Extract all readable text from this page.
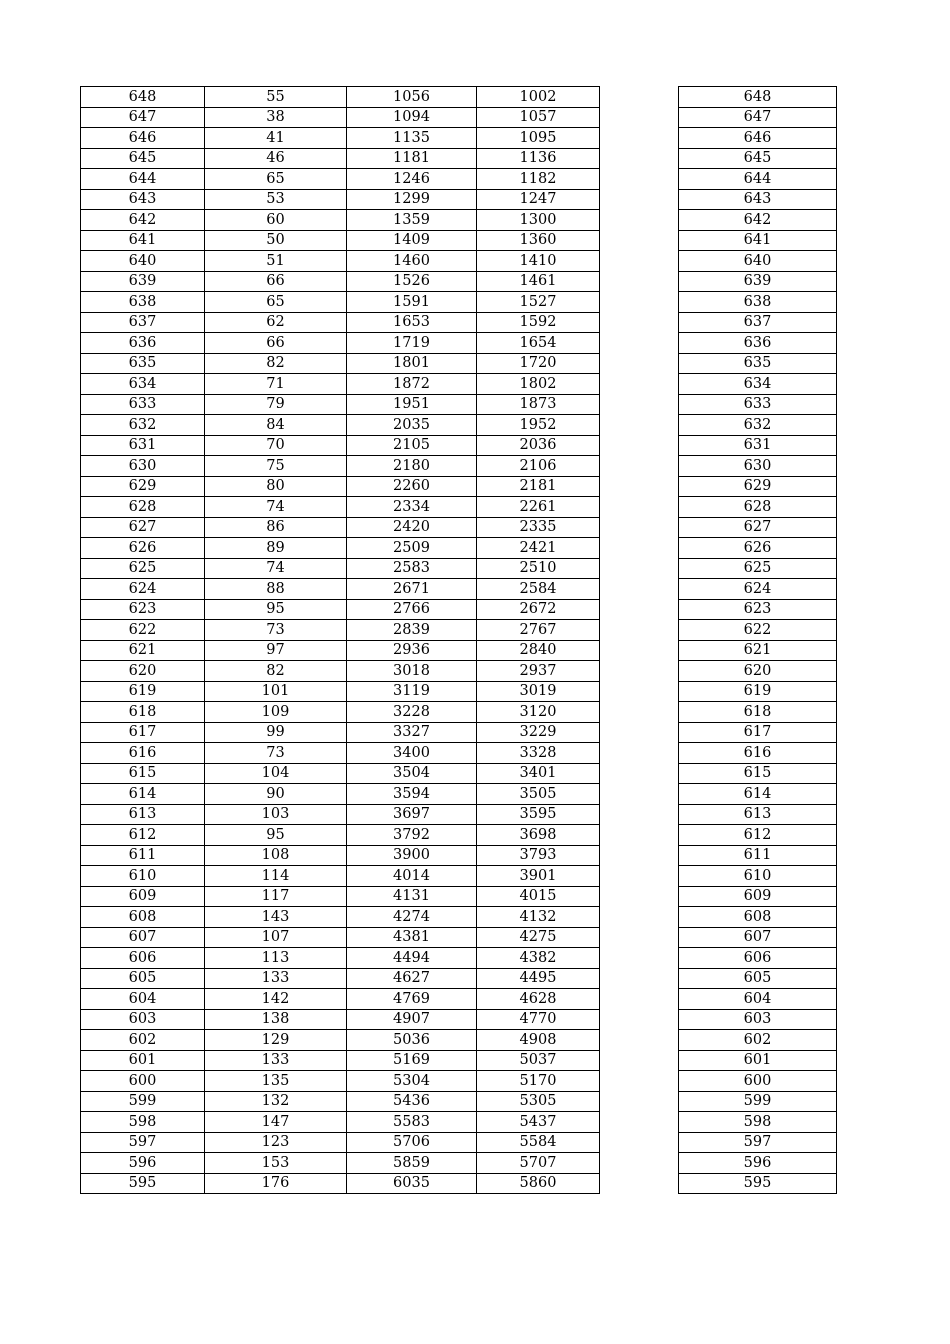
648	55	1056	1002
647	38	1094	1057
646	41	1135	1095
645	46	1181	1136
644	65	1246	1182
643	53	1299	1247
642	60	1359	1300
641	50	1409	1360
640	51	1460	1410
639	66	1526	1461
638	65	1591	1527
637	62	1653	1592
636	66	1719	1654
635	82	1801	1720
634	71	1872	1802
633	79	1951	1873
632	84	2035	1952
631	70	2105	2036
630	75	2180	2106
629	80	2260	2181
628	74	2334	2261
627	86	2420	2335
626	89	2509	2421
625	74	2583	2510
624	88	2671	2584
623	95	2766	2672
622	73	2839	2767
621	97	2936	2840
620	82	3018	2937
619	101	3119	3019
618	109	3228	3120
617	99	3327	3229
616	73	3400	3328
615	104	3504	3401
614	90	3594	3505
613	103	3697	3595
612	95	3792	3698
611	108	3900	3793
610	114	4014	3901
609	117	4131	4015
608	143	4274	4132
607	107	4381	4275
606	113	4494	4382
605	133	4627	4495
604	142	4769	4628
603	138	4907	4770
602	129	5036	4908
601	133	5169	5037
600	135	5304	5170
599	132	5436	5305
598	147	5583	5437
597	123	5706	5584
596	153	5859	5707
595	176	6035	5860
648
647
646
645
644
643
642
641
640
639
638
637
636
635
634
633
632
631
630
629
628
627
626
625
624
623
622
621
620
619
618
617
616
615
614
613
612
611
610
609
608
607
606
605
604
603
602
601
600
599
598
597
596
595
